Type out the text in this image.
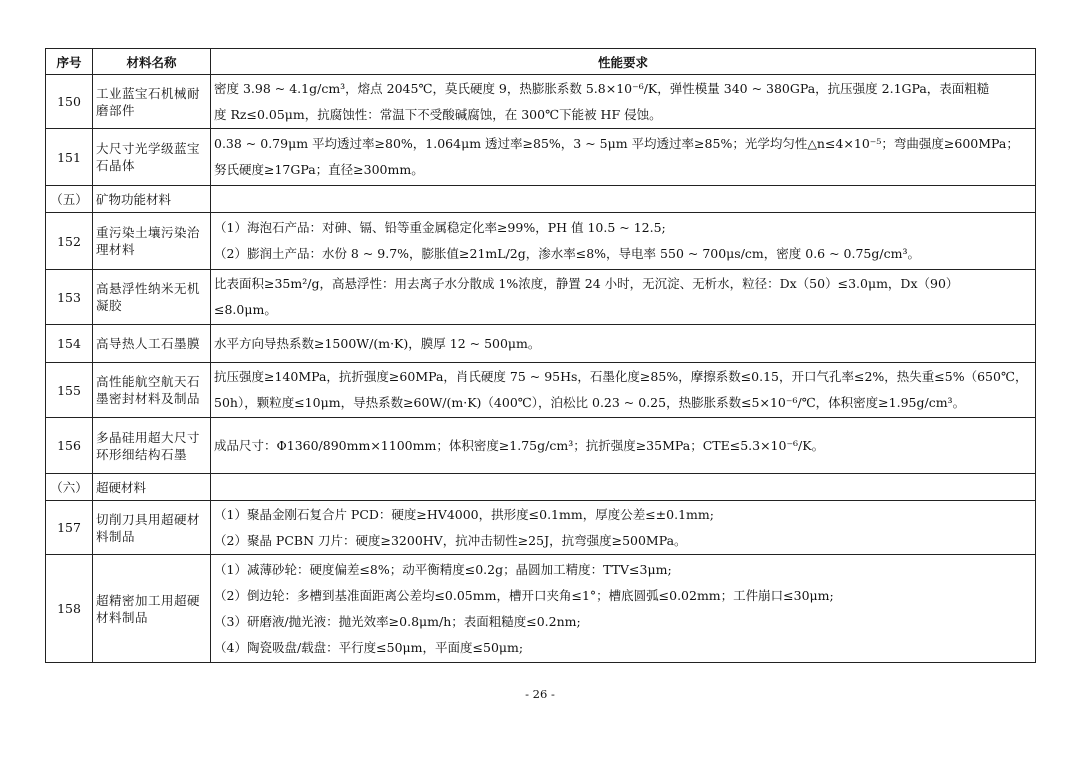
序号	材料名称	性能要求
150	工业蓝宝石机械耐磨部件	密度 3.98 ~ 4.1g/cm³，熔点 2045℃，莫氏硬度 9，热膨胀系数 5.8×10⁻⁶/K，弹性模量 340 ~ 380GPa，抗压强度 2.1GPa，表面粗糙
度 Rz≤0.05μm，抗腐蚀性：常温下不受酸碱腐蚀，在 300℃下能被 HF 侵蚀。

151	大尺寸光学级蓝宝石晶体	0.38 ~ 0.79μm 平均透过率≥80%，1.064μm 透过率≥85%，3 ~ 5μm 平均透过率≥85%；光学均匀性△n≤4×10⁻⁵；弯曲强度≥600MPa；
努氏硬度≥17GPa；直径≥300mm。

（五）	矿物功能材料	
152	重污染土壤污染治理材料	（1）海泡石产品：对砷、镉、铅等重金属稳定化率≥99%，PH 值 10.5 ~ 12.5;
（2）膨润土产品：水份 8 ~ 9.7%，膨胀值≥21mL/2g，渗水率≤8%，导电率 550 ~ 700μs/cm，密度 0.6 ~ 0.75g/cm³。

153	高悬浮性纳米无机凝胶	比表面积≥35m²/g，高悬浮性：用去离子水分散成 1%浓度，静置 24 小时，无沉淀、无析水，粒径：Dx（50）≤3.0μm，Dx（90）
≤8.0μm。

154	高导热人工石墨膜	水平方向导热系数≥1500W/(m·K)，膜厚 12 ~ 500μm。

155	高性能航空航天石墨密封材料及制品	抗压强度≥140MPa，抗折强度≥60MPa，肖氏硬度 75 ~ 95Hs，石墨化度≥85%，摩擦系数≤0.15，开口气孔率≤2%，热失重≤5%（650℃，
50h），颗粒度≤10μm，导热系数≥60W/(m·K)（400℃），泊松比 0.23 ~ 0.25，热膨胀系数≤5×10⁻⁶/℃，体积密度≥1.95g/cm³。

156	多晶硅用超大尺寸环形细结构石墨	成品尺寸：Φ1360/890mm×1100mm；体积密度≥1.75g/cm³；抗折强度≥35MPa；CTE≤5.3×10⁻⁶/K。

（六）	超硬材料	
157	切削刀具用超硬材料制品	（1）聚晶金刚石复合片 PCD：硬度≥HV4000，拱形度≤0.1mm，厚度公差≤±0.1mm;
（2）聚晶 PCBN 刀片：硬度≥3200HV，抗冲击韧性≥25J，抗弯强度≥500MPa。

158	超精密加工用超硬材料制品	（1）减薄砂轮：硬度偏差≤8%；动平衡精度≤0.2g；晶圆加工精度：TTV≤3μm;
（2）倒边轮：多槽到基准面距离公差均≤0.05mm，槽开口夹角≤1°；槽底圆弧≤0.02mm；工件崩口≤30μm;
（3）研磨液/抛光液：抛光效率≥0.8μm/h；表面粗糙度≤0.2nm;
（4）陶瓷吸盘/载盘：平行度≤50μm，平面度≤50μm;
- 26 -
